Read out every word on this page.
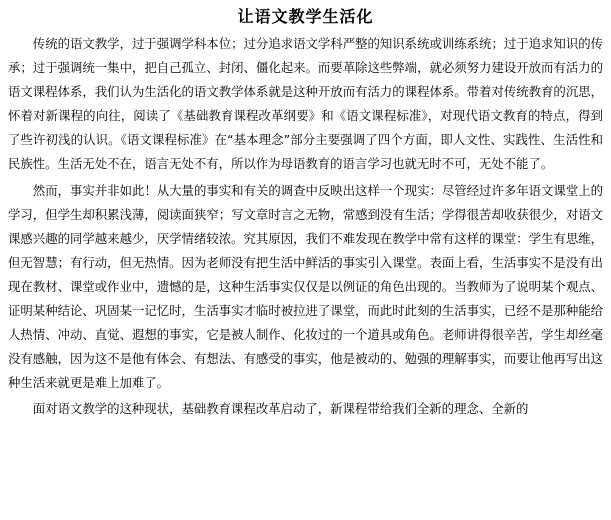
让语文教学生活化

传统的语文教学，过于强调学科本位；过分追求语文学科严整的知识系统或训练系统；过于追求知识的传承；过于强调统一集中，把自己孤立、封闭、僵化起来。而要革除这些弊端，就必须努力建设开放而有活力的语文课程体系，我们认为生活化的语文教学体系就是这种开放而有活力的课程体系。带着对传统教育的沉思，怀着对新课程的向往，阅读了《基础教育课程改革纲要》和《语文课程标准》，对现代语文教育的特点，得到了些许初浅的认识。《语文课程标准》在“基本理念”部分主要强调了四个方面，即人文性、实践性、生活性和民族性。生活无处不在，语言无处不有，所以作为母语教育的语言学习也就无时不可，无处不能了。

然而，事实并非如此！从大量的事实和有关的调查中反映出这样一个现实：尽管经过许多年语文课堂上的学习，但学生却积累浅薄，阅读面狭窄；写文章时言之无物，常感到没有生活；学得很苦却收获很少，对语文课感兴趣的同学越来越少，厌学情绪较浓。究其原因，我们不难发现在教学中常有这样的课堂：学生有思维，但无智慧；有行动，但无热情。因为老师没有把生活中鲜活的事实引入课堂。表面上看，生活事实不是没有出现在教材、课堂或作业中，遗憾的是，这种生活事实仅仅是以例证的角色出现的。当教师为了说明某个观点、证明某种结论、巩固某一记忆时，生活事实才临时被拉进了课堂，而此时此刻的生活事实，已经不是那种能给人热情、冲动、直觉、遐想的事实，它是被人制作、化妆过的一个道具或角色。老师讲得很辛苦，学生却丝毫没有感触，因为这不是他有体会、有想法、有感受的事实，他是被动的、勉强的理解事实，而要让他再写出这种生活来就更是难上加难了。

面对语文教学的这种现状，基础教育课程改革启动了，新课程带给我们全新的理念、全新的
